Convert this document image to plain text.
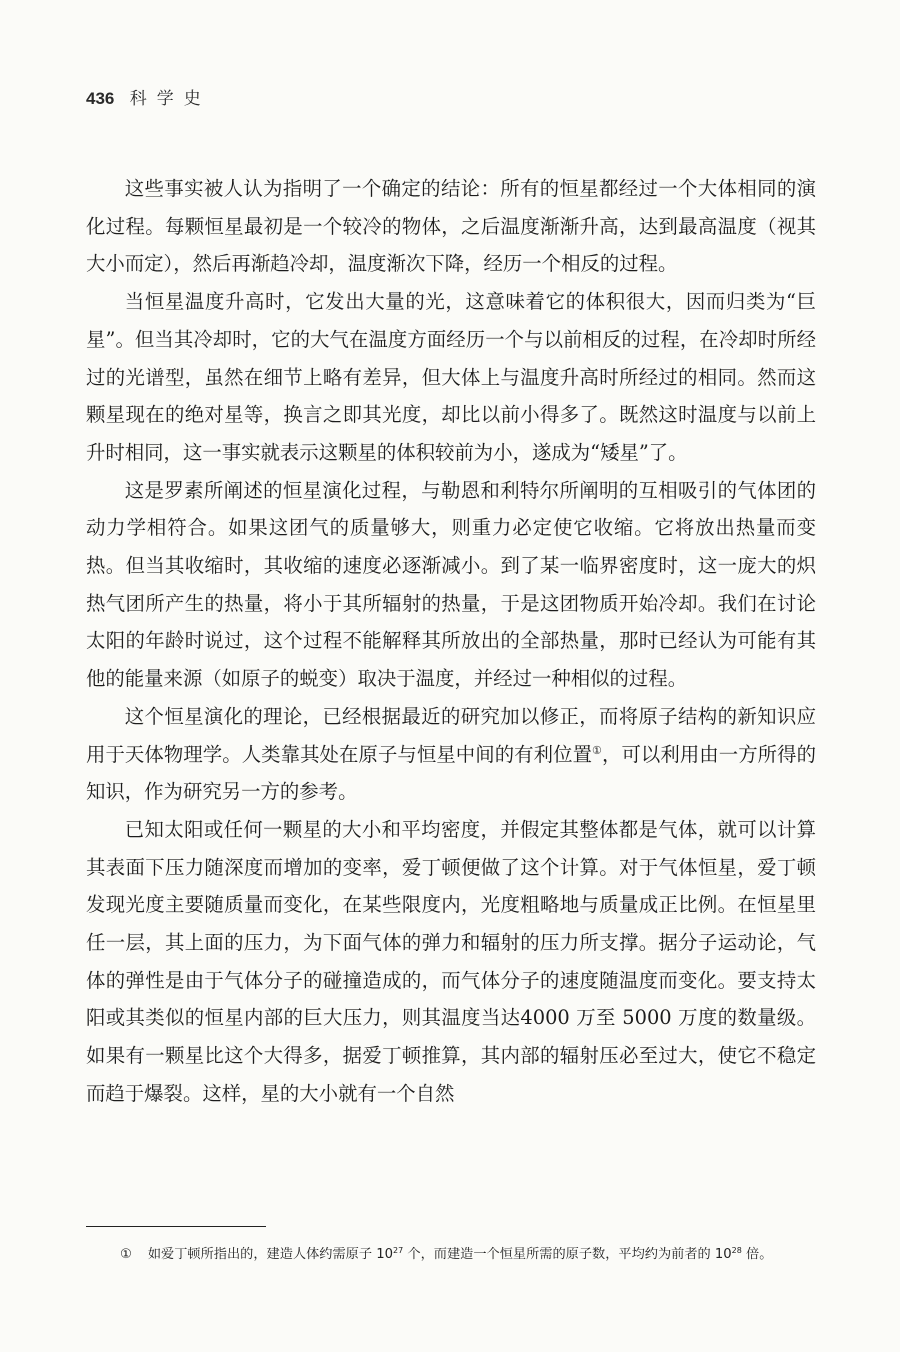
436 科学史

这些事实被人认为指明了一个确定的结论：所有的恒星都经过一个大体相同的演化过程。每颗恒星最初是一个较冷的物体，之后温度渐渐升高，达到最高温度（视其大小而定），然后再渐趋冷却，温度渐次下降，经历一个相反的过程。

当恒星温度升高时，它发出大量的光，这意味着它的体积很大，因而归类为“巨星”。但当其冷却时，它的大气在温度方面经历一个与以前相反的过程，在冷却时所经过的光谱型，虽然在细节上略有差异，但大体上与温度升高时所经过的相同。然而这颗星现在的绝对星等，换言之即其光度，却比以前小得多了。既然这时温度与以前上升时相同，这一事实就表示这颗星的体积较前为小，遂成为“矮星”了。

这是罗素所阐述的恒星演化过程，与勒恩和利特尔所阐明的互相吸引的气体团的动力学相符合。如果这团气的质量够大，则重力必定使它收缩。它将放出热量而变热。但当其收缩时，其收缩的速度必逐渐减小。到了某一临界密度时，这一庞大的炽热气团所产生的热量，将小于其所辐射的热量，于是这团物质开始冷却。我们在讨论太阳的年龄时说过，这个过程不能解释其所放出的全部热量，那时已经认为可能有其他的能量来源（如原子的蜕变）取决于温度，并经过一种相似的过程。

这个恒星演化的理论，已经根据最近的研究加以修正，而将原子结构的新知识应用于天体物理学。人类靠其处在原子与恒星中间的有利位置①，可以利用由一方所得的知识，作为研究另一方的参考。

已知太阳或任何一颗星的大小和平均密度，并假定其整体都是气体，就可以计算其表面下压力随深度而增加的变率，爱丁顿便做了这个计算。对于气体恒星，爱丁顿发现光度主要随质量而变化，在某些限度内，光度粗略地与质量成正比例。在恒星里任一层，其上面的压力，为下面气体的弹力和辐射的压力所支撑。据分子运动论，气体的弹性是由于气体分子的碰撞造成的，而气体分子的速度随温度而变化。要支持太阳或其类似的恒星内部的巨大压力，则其温度当达4000 万至 5000 万度的数量级。如果有一颗星比这个大得多，据爱丁顿推算，其内部的辐射压必至过大，使它不稳定而趋于爆裂。这样，星的大小就有一个自然

① 如爱丁顿所指出的，建造人体约需原子 $10^{27}$ 个，而建造一个恒星所需的原子数，平均约为前者的 $10^{28}$ 倍。
